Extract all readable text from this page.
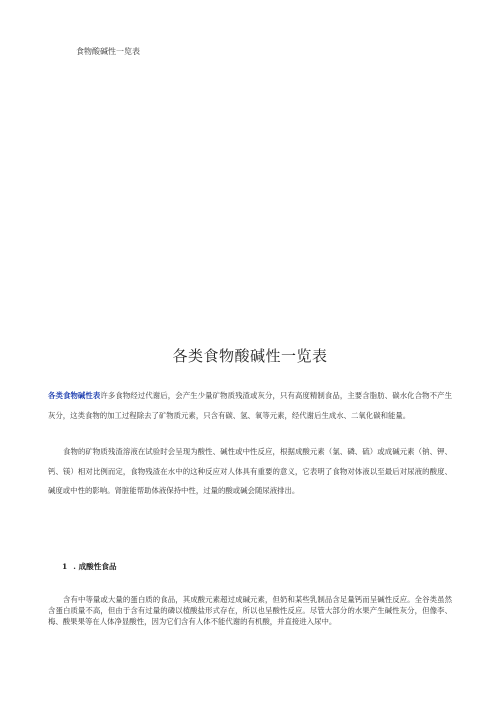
食物酸碱性一览表
各类食物酸碱性一览表
各类食物碱性表许多食物经过代谢后，会产生少量矿物质残渣或灰分，只有高度精制食品，主要含脂肪、碳水化合物不产生灰分，这类食物的加工过程除去了矿物质元素，只含有碳、氢、氧等元素，经代谢后生成水、二氧化碳和能量。
食物的矿物质残渣溶液在试验时会呈现为酸性、碱性或中性反应，根据成酸元素（氯、磷、硫）或成碱元素（钠、钾、钙、镁）相对比例而定，食物残渣在水中的这种反应对人体具有重要的意义，它表明了食物对体液以至最后对尿液的酸度、碱度或中性的影响。肾脏能帮助体液保持中性，过量的酸或碱会随尿液排出。
1 . 成酸性食品
含有中等量或大量的蛋白质的食品，其成酸元素超过成碱元素，但奶和某些乳制品含足量钙而呈碱性反应。全谷类虽然含蛋白质量不高，但由于含有过量的磷以植酸盐形式存在，所以也呈酸性反应。尽管大部分的水果产生碱性灰分，但像李、梅、酸果果等在人体净显酸性，因为它们含有人体不能代谢的有机酸，并直接进入尿中。
